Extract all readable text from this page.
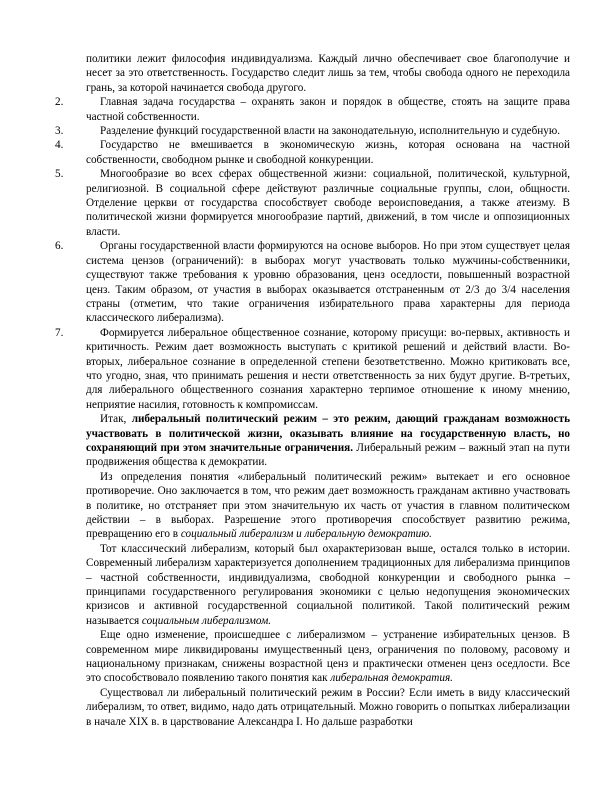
политики лежит философия индивидуализма. Каждый лично обеспечивает свое благополучие и несет за это ответственность. Государство следит лишь за тем, чтобы свобода одного не переходила грань, за которой начинается свобода другого.

2.	Главная задача государства – охранять закон и порядок в обществе, стоять на защите права частной собственности.

3.	Разделение функций государственной власти на законодательную, исполнительную и судебную.

4.	Государство не вмешивается в экономическую жизнь, которая основана на частной собственности, свободном рынке и свободной конкуренции.

5.	Многообразие во всех сферах общественной жизни: социальной, политической, культурной, религиозной. В социальной сфере действуют различные социальные группы, слои, общности. Отделение церкви от государства способствует свободе вероисповедания, а также атеизму. В политической жизни формируется многообразие партий, движений, в том числе и оппозиционных власти.

6.	Органы государственной власти формируются на основе выборов. Но при этом существует целая система цензов (ограничений): в выборах могут участвовать только мужчины-собственники, существуют также требования к уровню образования, ценз оседлости, повышенный возрастной ценз. Таким образом, от участия в выборах оказывается отстраненным от 2/3 до 3/4 населения страны (отметим, что такие ограничения избирательного права характерны для периода классического либерализма).

7.	Формируется либеральное общественное сознание, которому присущи: во-первых, активность и критичность. Режим дает возможность выступать с критикой решений и действий власти. Во-вторых, либеральное сознание в определенной степени безответственно. Можно критиковать все, что угодно, зная, что принимать решения и нести ответственность за них будут другие. В-третьих, для либерального общественного сознания характерно терпимое отношение к иному мнению, неприятие насилия, готовность к компромиссам.

Итак, либеральный политический режим – это режим, дающий гражданам возможность участвовать в политической жизни, оказывать влияние на государственную власть, но сохраняющий при этом значительные ограничения. Либеральный режим – важный этап на пути продвижения общества к демократии.

Из определения понятия «либеральный политический режим» вытекает и его основное противоречие. Оно заключается в том, что режим дает возможность гражданам активно участвовать в политике, но отстраняет при этом значительную их часть от участия в главном политическом действии – в выборах. Разрешение этого противоречия способствует развитию режима, превращению его в социальный либерализм и либеральную демократию.

Тот классический либерализм, который был охарактеризован выше, остался только в истории. Современный либерализм характеризуется дополнением традиционных для либерализма принципов – частной собственности, индивидуализма, свободной конкуренции и свободного рынка – принципами государственного регулирования экономики с целью недопущения экономических кризисов и активной государственной социальной политикой. Такой политический режим называется социальным либерализмом.

Еще одно изменение, происшедшее с либерализмом – устранение избирательных цензов. В современном мире ликвидированы имущественный ценз, ограничения по половому, расовому и национальному признакам, снижены возрастной ценз и практически отменен ценз оседлости. Все это способствовало появлению такого понятия как либеральная демократия.

Существовал ли либеральный политический режим в России? Если иметь в виду классический либерализм, то ответ, видимо, надо дать отрицательный. Можно говорить о попытках либерализации в начале XIX в. в царствование Александра I. Но дальше разработки
